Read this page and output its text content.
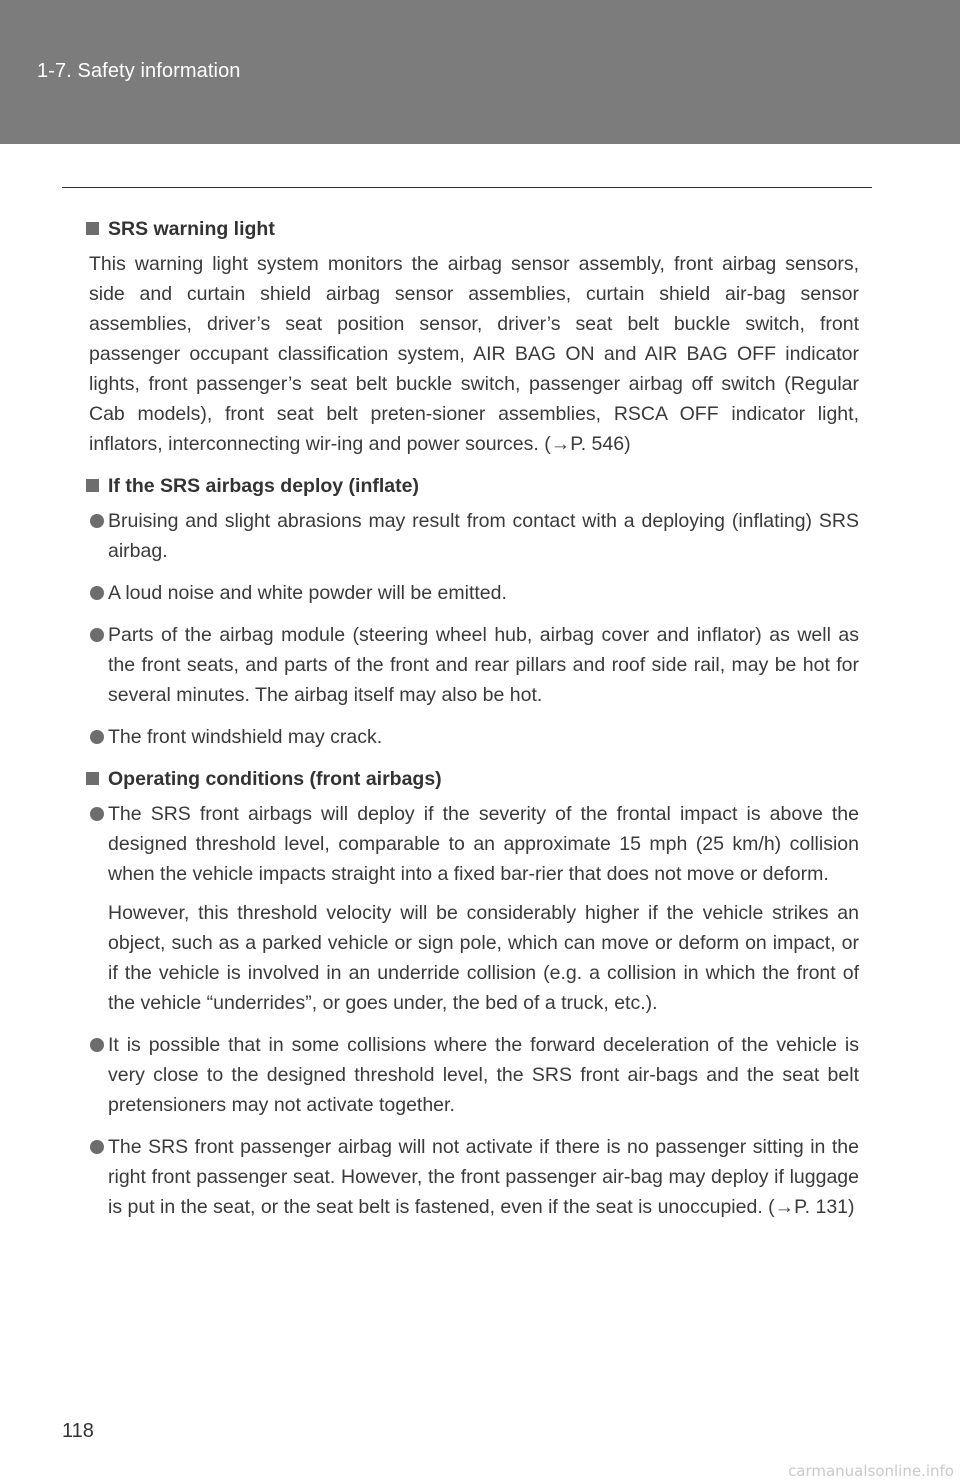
1-7. Safety information
SRS warning light
This warning light system monitors the airbag sensor assembly, front airbag sensors, side and curtain shield airbag sensor assemblies, curtain shield air-bag sensor assemblies, driver’s seat position sensor, driver’s seat belt buckle switch, front passenger occupant classification system, AIR BAG ON and AIR BAG OFF indicator lights, front passenger’s seat belt buckle switch, passenger airbag off switch (Regular Cab models), front seat belt preten-sioner assemblies, RSCA OFF indicator light, inflators, interconnecting wir-ing and power sources. (→P. 546)
If the SRS airbags deploy (inflate)
Bruising and slight abrasions may result from contact with a deploying (inflating) SRS airbag.
A loud noise and white powder will be emitted.
Parts of the airbag module (steering wheel hub, airbag cover and inflator) as well as the front seats, and parts of the front and rear pillars and roof side rail, may be hot for several minutes. The airbag itself may also be hot.
The front windshield may crack.
Operating conditions (front airbags)
The SRS front airbags will deploy if the severity of the frontal impact is above the designed threshold level, comparable to an approximate 15 mph (25 km/h) collision when the vehicle impacts straight into a fixed bar-rier that does not move or deform.
However, this threshold velocity will be considerably higher if the vehicle strikes an object, such as a parked vehicle or sign pole, which can move or deform on impact, or if the vehicle is involved in an underride collision (e.g. a collision in which the front of the vehicle “underrides”, or goes under, the bed of a truck, etc.).
It is possible that in some collisions where the forward deceleration of the vehicle is very close to the designed threshold level, the SRS front air-bags and the seat belt pretensioners may not activate together.
The SRS front passenger airbag will not activate if there is no passenger sitting in the right front passenger seat. However, the front passenger air-bag may deploy if luggage is put in the seat, or the seat belt is fastened, even if the seat is unoccupied. (→P. 131)
118
carmanualsonline.info
